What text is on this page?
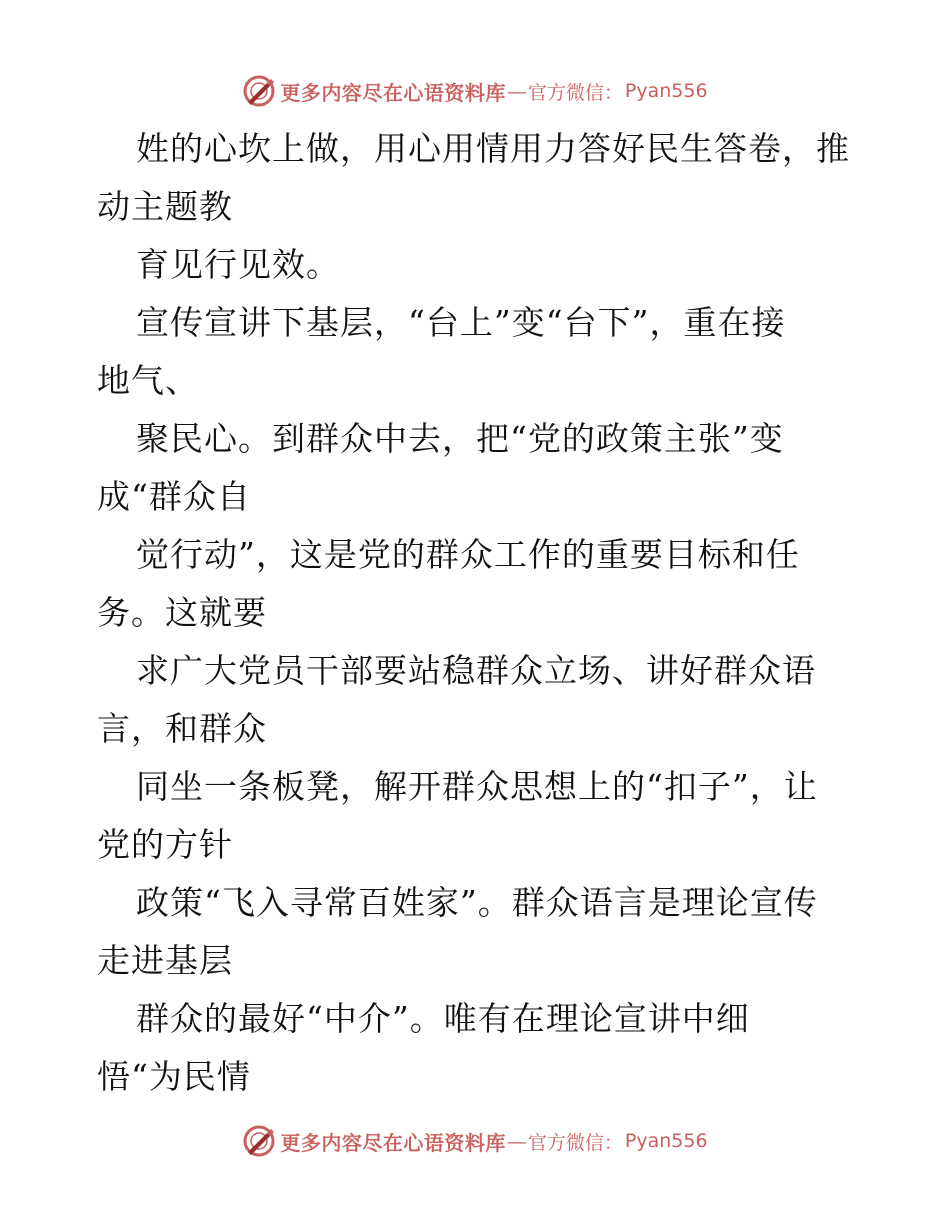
更多内容尽在心语资料库 — 官方微信： Pyan556
姓的心坎上做，用心用情用力答好民生答卷，推
动主题教
育见行见效。
宣传宣讲下基层，“台上”变“台下”，重在接
地气、
聚民心。到群众中去，把“党的政策主张”变
成“群众自
觉行动”，这是党的群众工作的重要目标和任
务。这就要
求广大党员干部要站稳群众立场、讲好群众语
言，和群众
同坐一条板凳，解开群众思想上的“扣子”，让
党的方针
政策“飞入寻常百姓家”。群众语言是理论宣传
走进基层
群众的最好“中介”。唯有在理论宣讲中细
悟“为民情
更多内容尽在心语资料库 — 官方微信： Pyan556
